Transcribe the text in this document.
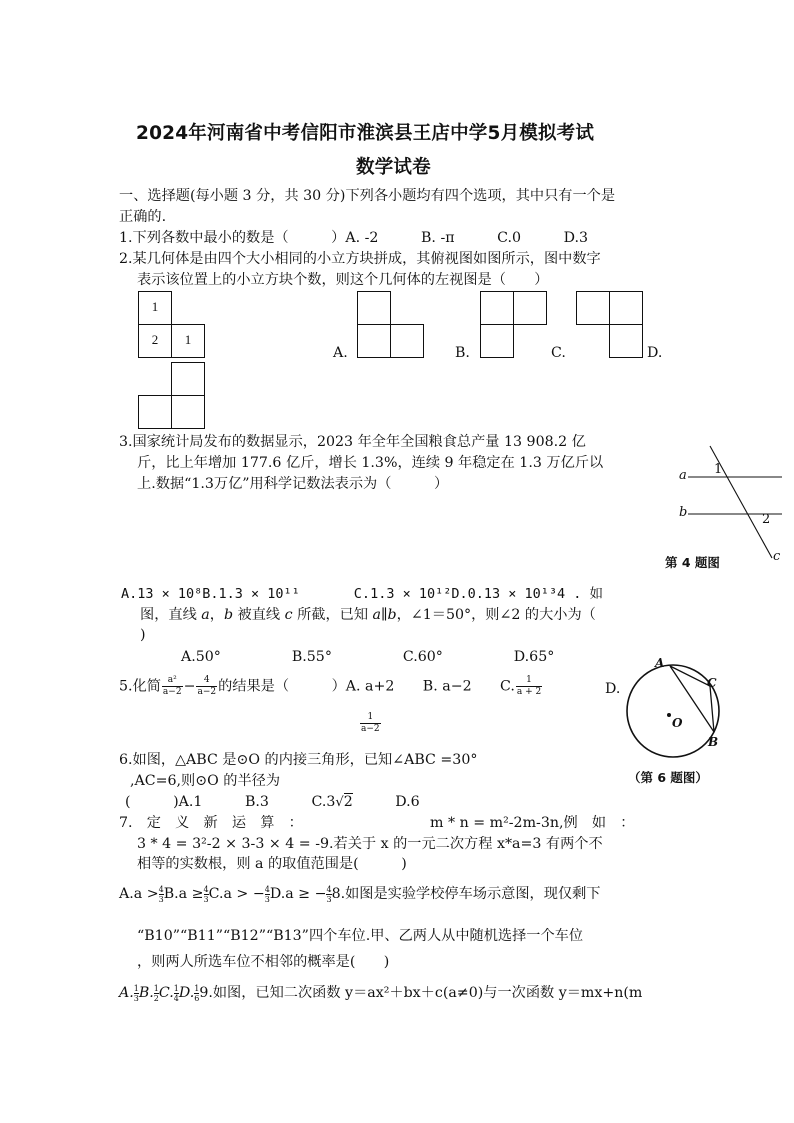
2024年河南省中考信阳市淮滨县王店中学5月模拟考试
数学试卷
一、选择题(每小题 3 分，共 30 分)下列各小题均有四个选项，其中只有一个是
正确的.
1.下列各数中最小的数是（　　　）A. -2　　　B. -π　　　C.0　　　D.3
2.某几何体是由四个大小相同的小立方块拼成，其俯视图如图所示，图中数字
表示该位置上的小立方块个数，则这个几何体的左视图是（　　）
1
2	1
A.	B.	C.	D.
3.国家统计局发布的数据显示，2023 年全年全国粮食总产量 13 908.2 亿
斤，比上年增加 177.6 亿斤，增长 1.3%，连续 9 年稳定在 1.3 万亿斤以
上.数据“1.3万亿”用科学记数法表示为（　　　）
a
b
c
1
2
第 4 题图
A.13 × 10⁸B.1.3 × 10¹¹　　　　C.1.3 × 10¹²D.0.13 × 10¹³4 . 如
图，直线 a，b 被直线 c 所截，已知 a∥b，∠1＝50°，则∠2 的大小为（
)
A.50°　　　　　B.55°　　　　　C.60°　　　　　D.65°
5.化简 $\frac{\text{a²}}{a-2} - \frac{4}{a-2}$ 的结果是（　　　）A. a+2　　B. a−2　　C. $\frac{1}{a + 2}$	D.
$\frac{1}{a-2}$
A
C
B
O
（第 6 题图）
6.如图，△ABC 是⊙O 的内接三角形，已知∠ABC =30°
,AC=6,则⊙O 的半径为
(　　　)A.1　　　B.3　　　C.3√2　　　D.6
7.　定　义　新　运　算　：	m * n = m²-2m-3n,例　如　：
3 * 4 = 3²-2 × 3-3 × 4 = -9.若关于 x 的一元二次方程 x*a=3 有两个不
相等的实数根，则 a 的取值范围是(　　　)
$A.a > \frac{4}{3}B.a \ge \frac{4}{3}C.a$ > − $\frac{4}{3}D.a$ ≥ − $\frac{4}{3}8$.如图是实验学校停车场示意图，现仅剩下
“B10”“B11”“B12”“B13”四个车位.甲、乙两人从中随机选择一个车位
，则两人所选车位不相邻的概率是(　　)
A. $\frac{1}{3}B$. $\frac{1}{2}C$. $\frac{1}{4}D$. $\frac{1}{6}9$.如图，已知二次函数 y＝ax²＋bx＋c(a≠0)与一次函数 y＝mx+n(m
